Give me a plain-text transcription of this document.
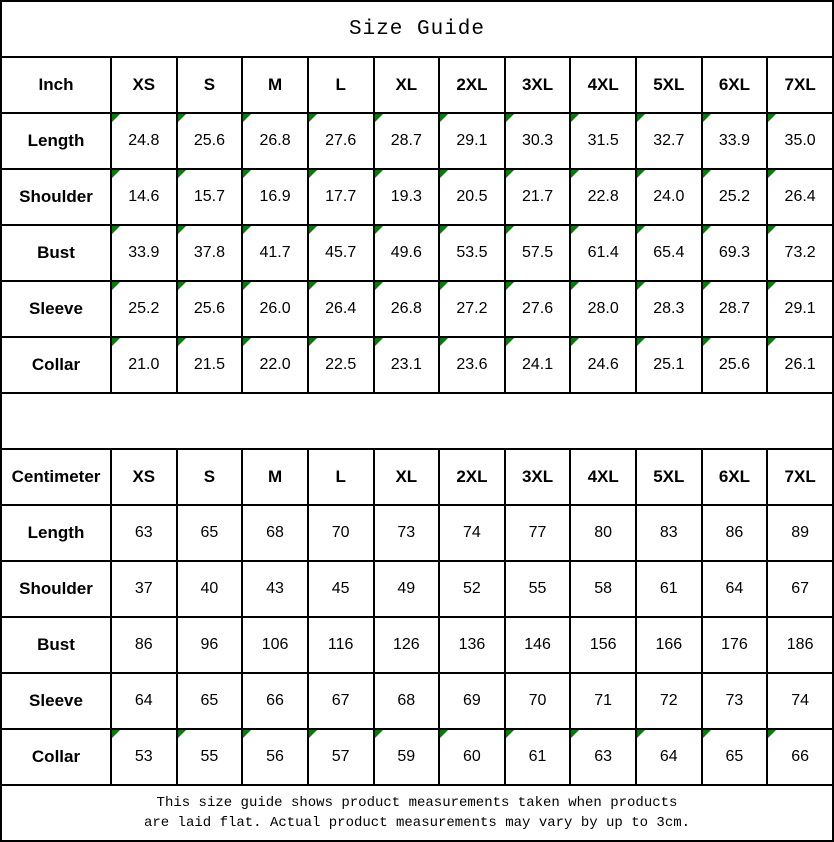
Size Guide
Inch	XS	S	M	L	XL	2XL	3XL	4XL	5XL	6XL	7XL
Length	24.8	25.6	26.8	27.6	28.7	29.1	30.3	31.5	32.7	33.9	35.0
Shoulder	14.6	15.7	16.9	17.7	19.3	20.5	21.7	22.8	24.0	25.2	26.4
Bust	33.9	37.8	41.7	45.7	49.6	53.5	57.5	61.4	65.4	69.3	73.2
Sleeve	25.2	25.6	26.0	26.4	26.8	27.2	27.6	28.0	28.3	28.7	29.1
Collar	21.0	21.5	22.0	22.5	23.1	23.6	24.1	24.6	25.1	25.6	26.1
Centimeter	XS	S	M	L	XL	2XL	3XL	4XL	5XL	6XL	7XL
Length	63	65	68	70	73	74	77	80	83	86	89
Shoulder	37	40	43	45	49	52	55	58	61	64	67
Bust	86	96	106	116	126	136	146	156	166	176	186
Sleeve	64	65	66	67	68	69	70	71	72	73	74
Collar	53	55	56	57	59	60	61	63	64	65	66
This size guide shows product measurements taken when products
are laid flat. Actual product measurements may vary by up to 3cm.
